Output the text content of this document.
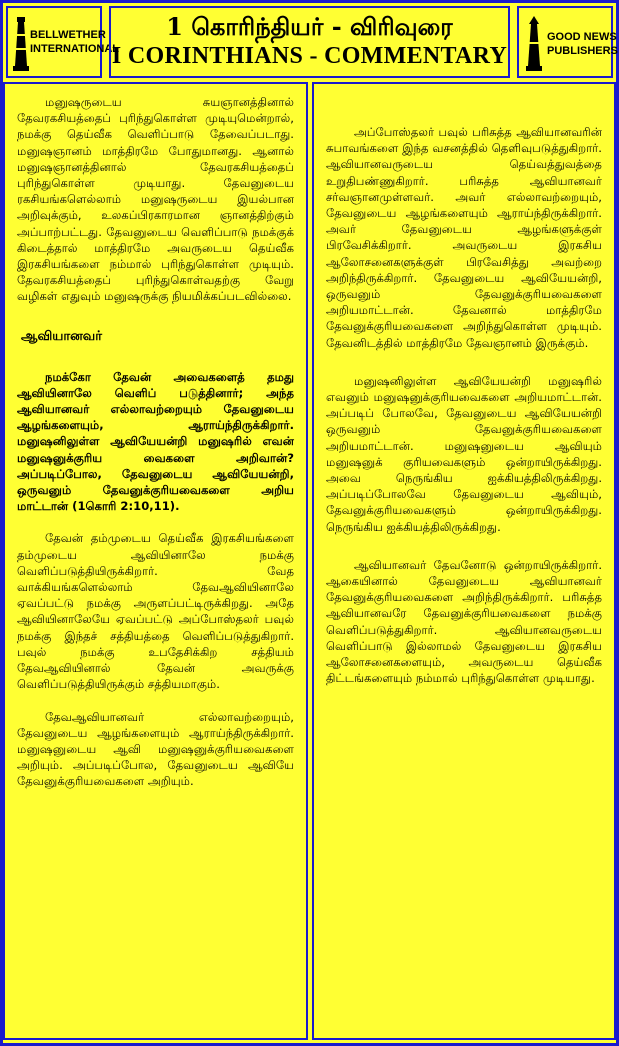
BELLWETHER
INTERNATIONAL
1 கொரிந்தியர் - விரிவுரை
I CORINTHIANS - COMMENTARY
GOOD NEWS
PUBLISHERS

மனுஷருடைய சுயஞானத்தினால் தேவரகசியத்தைப் புரிந்துகொள்ள முடியுமென்றால், நமக்கு தெய்வீக வெளிப்பாடு தேவைப்படாது. மனுஷஞானம் மாத்திரமே போதுமானது. ஆனால் மனுஷஞானத்தினால் தேவரகசியத்தைப் புரிந்துகொள்ள முடியாது. தேவனுடைய ரகசியங்களெல்லாம் மனுஷருடைய இயல்பான அறிவுக்கும், உலகப்பிரகாரமான ஞானத்திற்கும் அப்பாற்பட்டது. தேவனுடைய வெளிப்பாடு நமக்குக் கிடைத்தால் மாத்திரமே அவருடைய தெய்வீக இரகசியங்களை நம்மால் புரிந்துகொள்ள முடியும். தேவரகசியத்தைப் புரிந்துகொள்வதற்கு வேறு வழிகள் எதுவும் மனுஷருக்கு நியமிக்கப்படவில்லை.

ஆவியானவர்

நமக்கோ தேவன் அவைகளைத் தமது ஆவியினாலே வெளிப் படுத்தினார்; அந்த ஆவியானவர் எல்லாவற்றையும் தேவனுடைய ஆழங்களையும், ஆராய்ந்திருக்கிறார். மனுஷனிலுள்ள ஆவியேயன்றி மனுஷரில் எவன் மனுஷனுக்குரிய வைகளை அறிவான்? அப்படிப்போல, தேவனுடைய ஆவியேயன்றி, ஒருவனும் தேவனுக்குரியவைகளை அறிய மாட்டான் (1கொரி 2:10,11).

தேவன் தம்முடைய தெய்வீக இரகசியங்களை தம்முடைய ஆவியினாலே நமக்கு வெளிப்படுத்தியிருக்கிறார். வேத வாக்கியங்களெல்லாம் தேவஆவியினாலே ஏவப்பட்டு நமக்கு அருளப்பட்டிருக்கிறது. அதே ஆவியினாலேயே ஏவப்பட்டு அப்போஸ்தலர் பவுல் நமக்கு இந்தச் சத்தியத்தை வெளிப்படுத்துகிறார். பவுல் நமக்கு உபதேசிக்கிற சத்தியம் தேவஆவியினால் தேவன் அவருக்கு வெளிப்படுத்தியிருக்கும் சத்தியமாகும்.

தேவஆவியானவர் எல்லாவற்றையும், தேவனுடைய ஆழங்களையும் ஆராய்ந்திருக்கிறார். மனுஷனுடைய ஆவி மனுஷனுக்குரியவைகளை அறியும். அப்படிப்போல, தேவனுடைய ஆவியே தேவனுக்குரியவைகளை அறியும்.

அப்போஸ்தலர் பவுல் பரிசுத்த ஆவியானவரின் சுபாவங்களை இந்த வசனத்தில் தெளிவுபடுத்துகிறார். ஆவியானவருடைய தெய்வத்துவத்தை உறுதிபண்ணுகிறார். பரிசுத்த ஆவியானவர் சர்வஞானமுள்ளவர். அவர் எல்லாவற்றையும், தேவனுடைய ஆழங்களையும் ஆராய்ந்திருக்கிறார். அவர் தேவனுடைய ஆழங்களுக்குள் பிரவேசிக்கிறார். அவருடைய இரகசிய ஆலோசனைகளுக்குள் பிரவேசித்து அவற்றை அறிந்திருக்கிறார். தேவனுடைய ஆவியேயன்றி, ஒருவனும் தேவனுக்குரியவைகளை அறியமாட்டான். தேவனால் மாத்திரமே தேவனுக்குரியவைகளை அறிந்துகொள்ள முடியும். தேவனிடத்தில் மாத்திரமே தேவஞானம் இருக்கும்.

மனுஷனிலுள்ள ஆவியேயன்றி மனுஷரில் எவனும் மனுஷனுக்குரியவைகளை அறியமாட்டான். அப்படிப் போலவே, தேவனுடைய ஆவியேயன்றி ஒருவனும் தேவனுக்குரியவைகளை அறியமாட்டான். மனுஷனுடைய ஆவியும் மனுஷனுக் குரியவைகளும் ஒன்றாயிருக்கிறது. அவை நெருங்கிய ஐக்கியத்திலிருக்கிறது. அப்படிப்போலவே தேவனுடைய ஆவியும், தேவனுக்குரியவைகளும் ஒன்றாயிருக்கிறது. நெருங்கிய ஐக்கியத்திலிருக்கிறது.

ஆவியானவர் தேவனோடு ஒன்றாயிருக்கிறார். ஆகையினால் தேவனுடைய ஆவியானவர் தேவனுக்குரியவைகளை அறிந்திருக்கிறார். பரிசுத்த ஆவியானவரே தேவனுக்குரியவைகளை நமக்கு வெளிப்படுத்துகிறார். ஆவியானவருடைய வெளிப்பாடு இல்லாமல் தேவனுடைய இரகசிய ஆலோசனைகளையும், அவருடைய தெய்வீக திட்டங்களையும் நம்மால் புரிந்துகொள்ள முடியாது.
